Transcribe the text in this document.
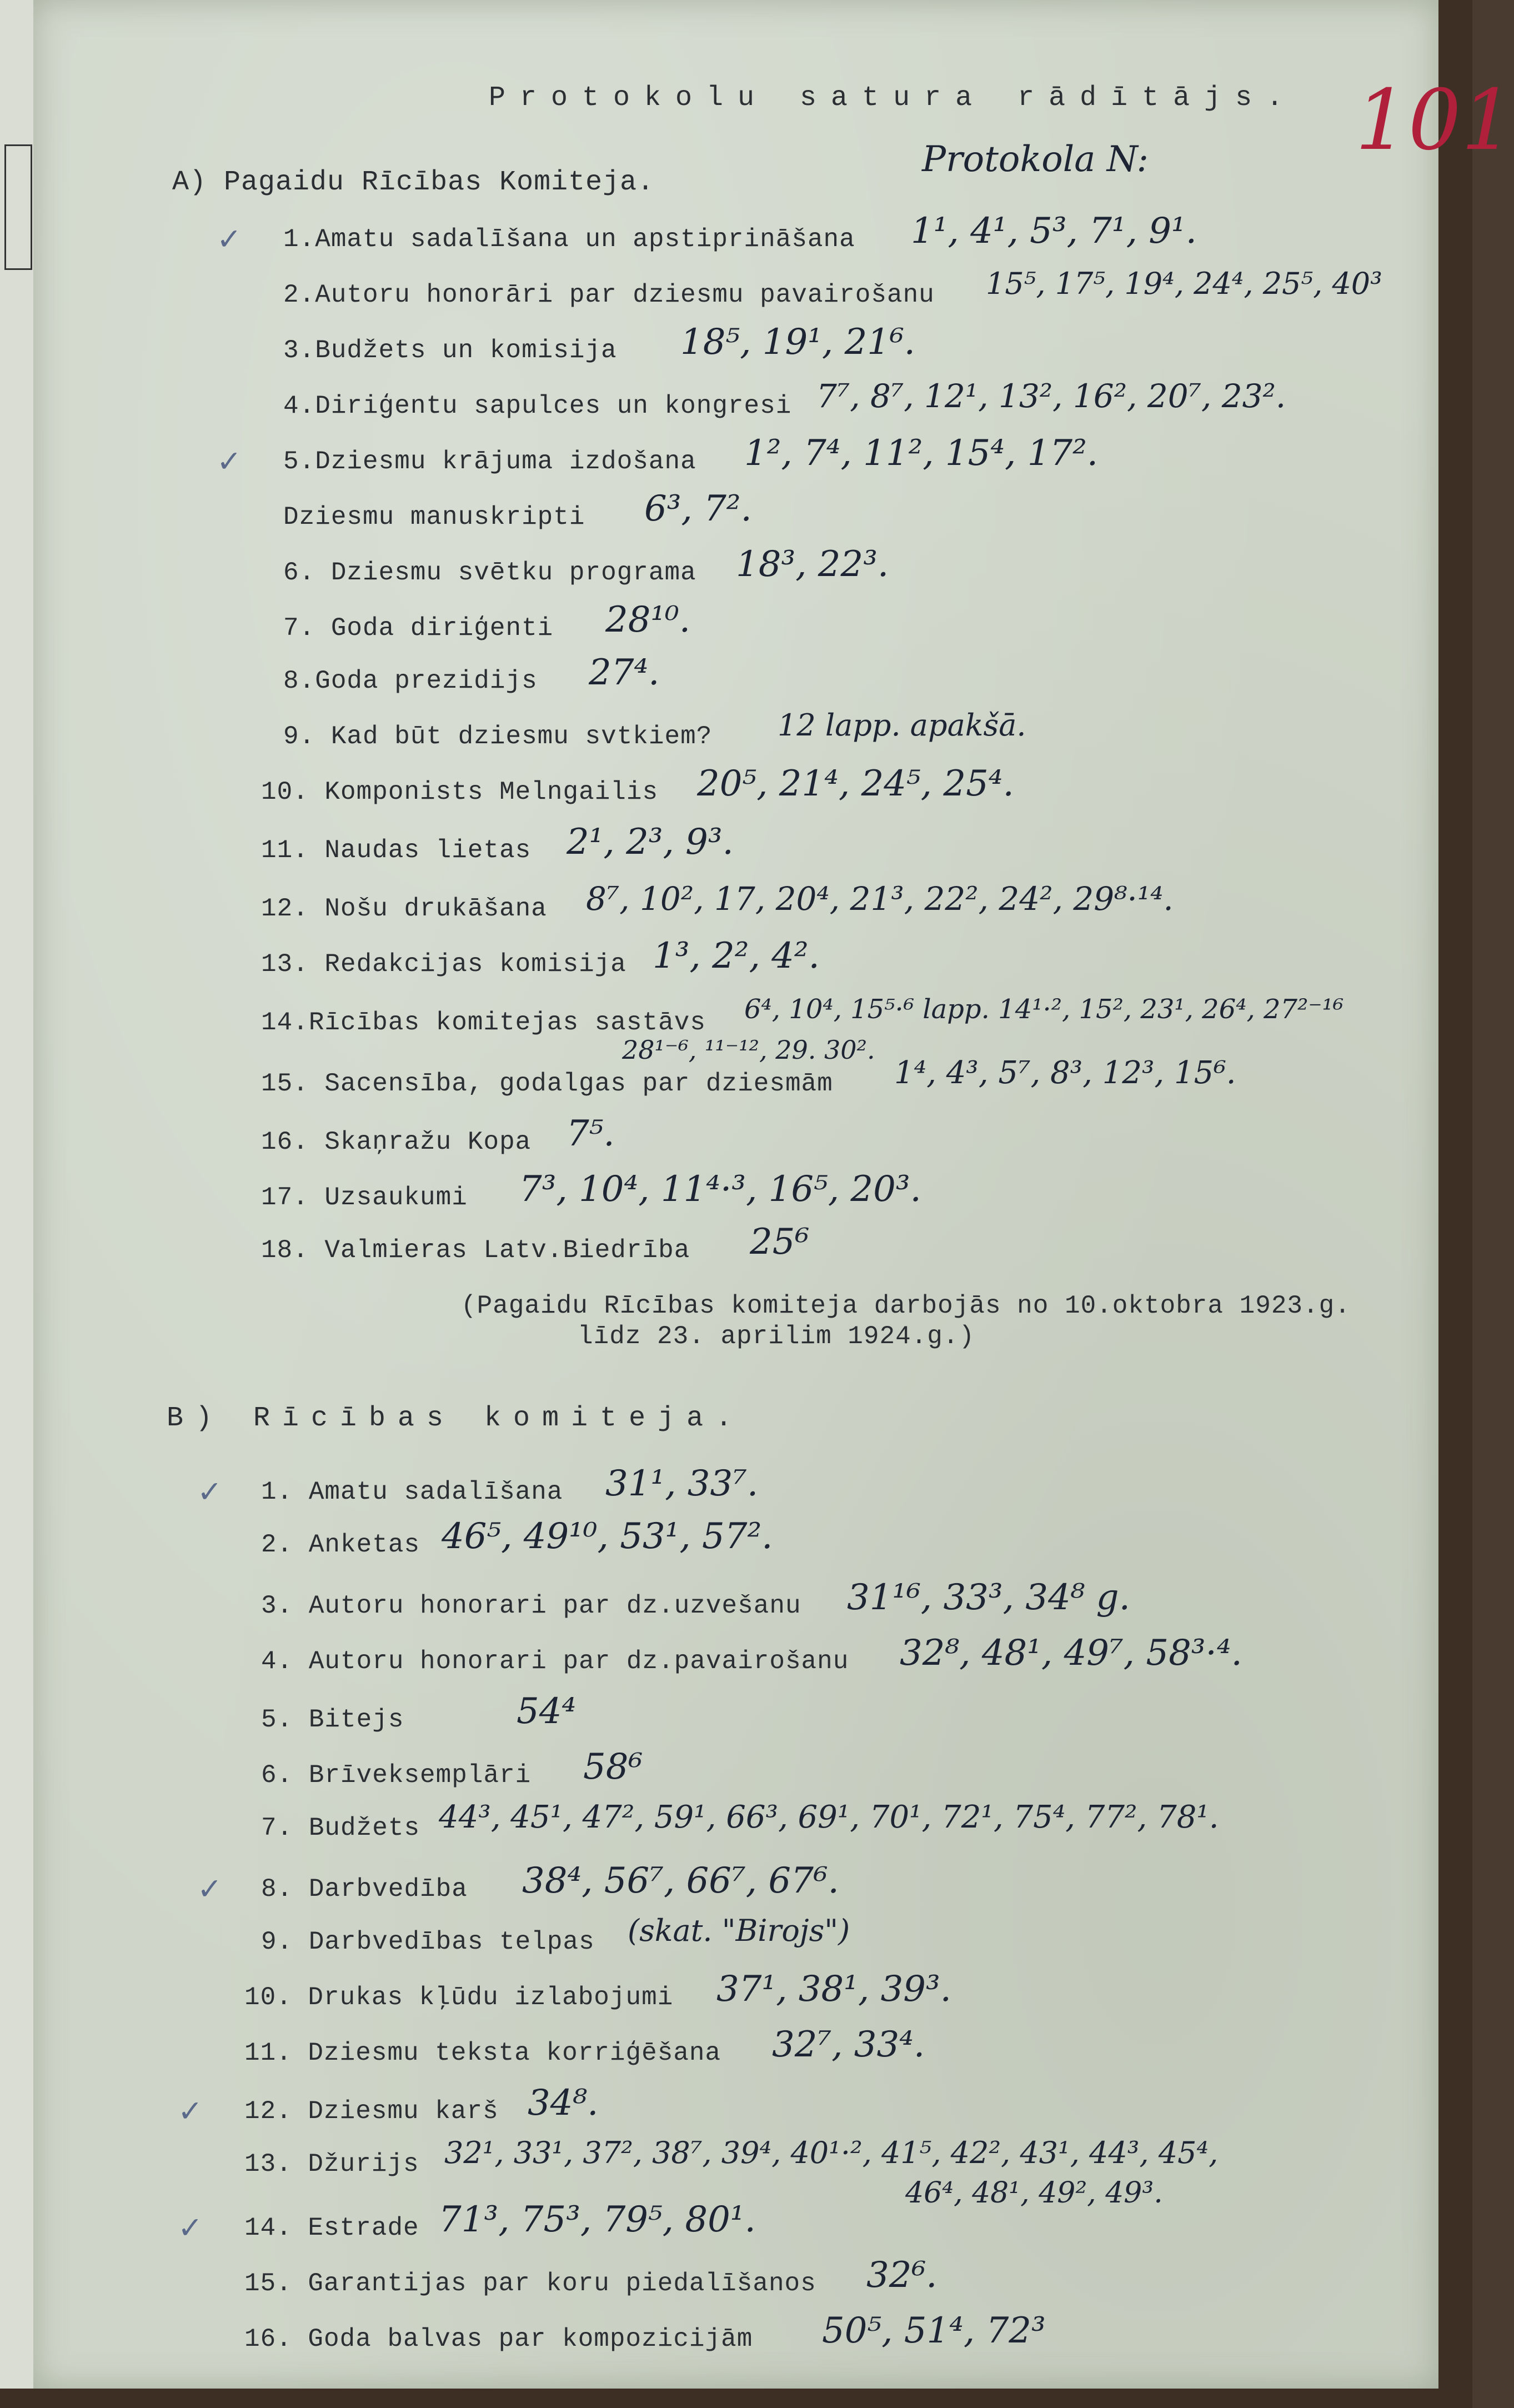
101
Protokolu satura rādītājs.
A) Pagaidu Rīcības Komiteja.
Protokola N:
✓ 1.Amatu sadalīšana un apstiprināšana 1¹, 4¹, 5³, 7¹, 9¹.
2.Autoru honorāri par dziesmu pavairošanu 15⁵, 17⁵, 19⁴, 24⁴, 25⁵, 40³
3.Budžets un komisija 18⁵, 19¹, 21⁶.
4.Diriģentu sapulces un kongresi 7⁷, 8⁷, 12¹, 13², 16², 20⁷, 23².
✓ 5.Dziesmu krājuma izdošana 1², 7⁴, 11², 15⁴, 17².
Dziesmu manuskripti 6³, 7².
6. Dziesmu svētku programa 18³, 22³.
7. Goda diriģenti 28¹⁰.
8.Goda prezidijs 27⁴.
9. Kad būt dziesmu svtkiem? 12 lapp. apakšā.
10. Komponists Melngailis 20⁵, 21⁴, 24⁵, 25⁴.
11. Naudas lietas 2¹, 2³, 9³.
12. Nošu drukāšana 8⁷, 10², 17, 20⁴, 21³, 22², 24², 29⁸·¹⁴.
13. Redakcijas komisija 1³, 2², 4².
14.Rīcības komitejas sastāvs 6⁴, 10⁴, 15⁵·⁶ lapp. 14¹·², 15², 23¹, 26⁴, 27²⁻¹⁶
15. Sacensība, godalgas par dziesmām
28¹⁻⁶, ¹¹⁻¹², 29. 30².
1⁴, 4³, 5⁷, 8³, 12³, 15⁶.
16. Skaņražu Kopa 7⁵.
17. Uzsaukumi 7³, 10⁴, 11⁴·³, 16⁵, 20³.
18. Valmieras Latv.Biedrība 25⁶
(Pagaidu Rīcības komiteja darbojās no 10.oktobra 1923.g.
līdz 23. aprilim 1924.g.)
B) Rīcības komiteja.
✓ 1. Amatu sadalīšana 31¹, 33⁷.
2. Anketas 46⁵, 49¹⁰, 53¹, 57².
3. Autoru honorari par dz.uzvešanu 31¹⁶, 33³, 34⁸ g.
4. Autoru honorari par dz.pavairošanu 32⁸, 48¹, 49⁷, 58³·⁴.
5. Bitejs	54⁴
6. Brīveksemplāri 58⁶
7. Budžets 44³, 45¹, 47², 59¹, 66³, 69¹, 70¹, 72¹, 75⁴, 77², 78¹.
✓ 8. Darbvedība 38⁴, 56⁷, 66⁷, 67⁶.
9. Darbvedības telpas (skat. "Birojs")
10. Drukas kļūdu izlabojumi 37¹, 38¹, 39³.
11. Dziesmu teksta korriģēšana 32⁷, 33⁴.
✓ 12. Dziesmu karš 34⁸.
13. Džurijs 32¹, 33¹, 37², 38⁷, 39⁴, 40¹·², 41⁵, 42², 43¹, 44³, 45⁴,
46⁴, 48¹, 49², 49³.
✓ 14. Estrade 71³, 75³, 79⁵, 80¹.
15. Garantijas par koru piedalīšanos 32⁶.
16. Goda balvas par kompozicijām 50⁵, 51⁴, 72³
